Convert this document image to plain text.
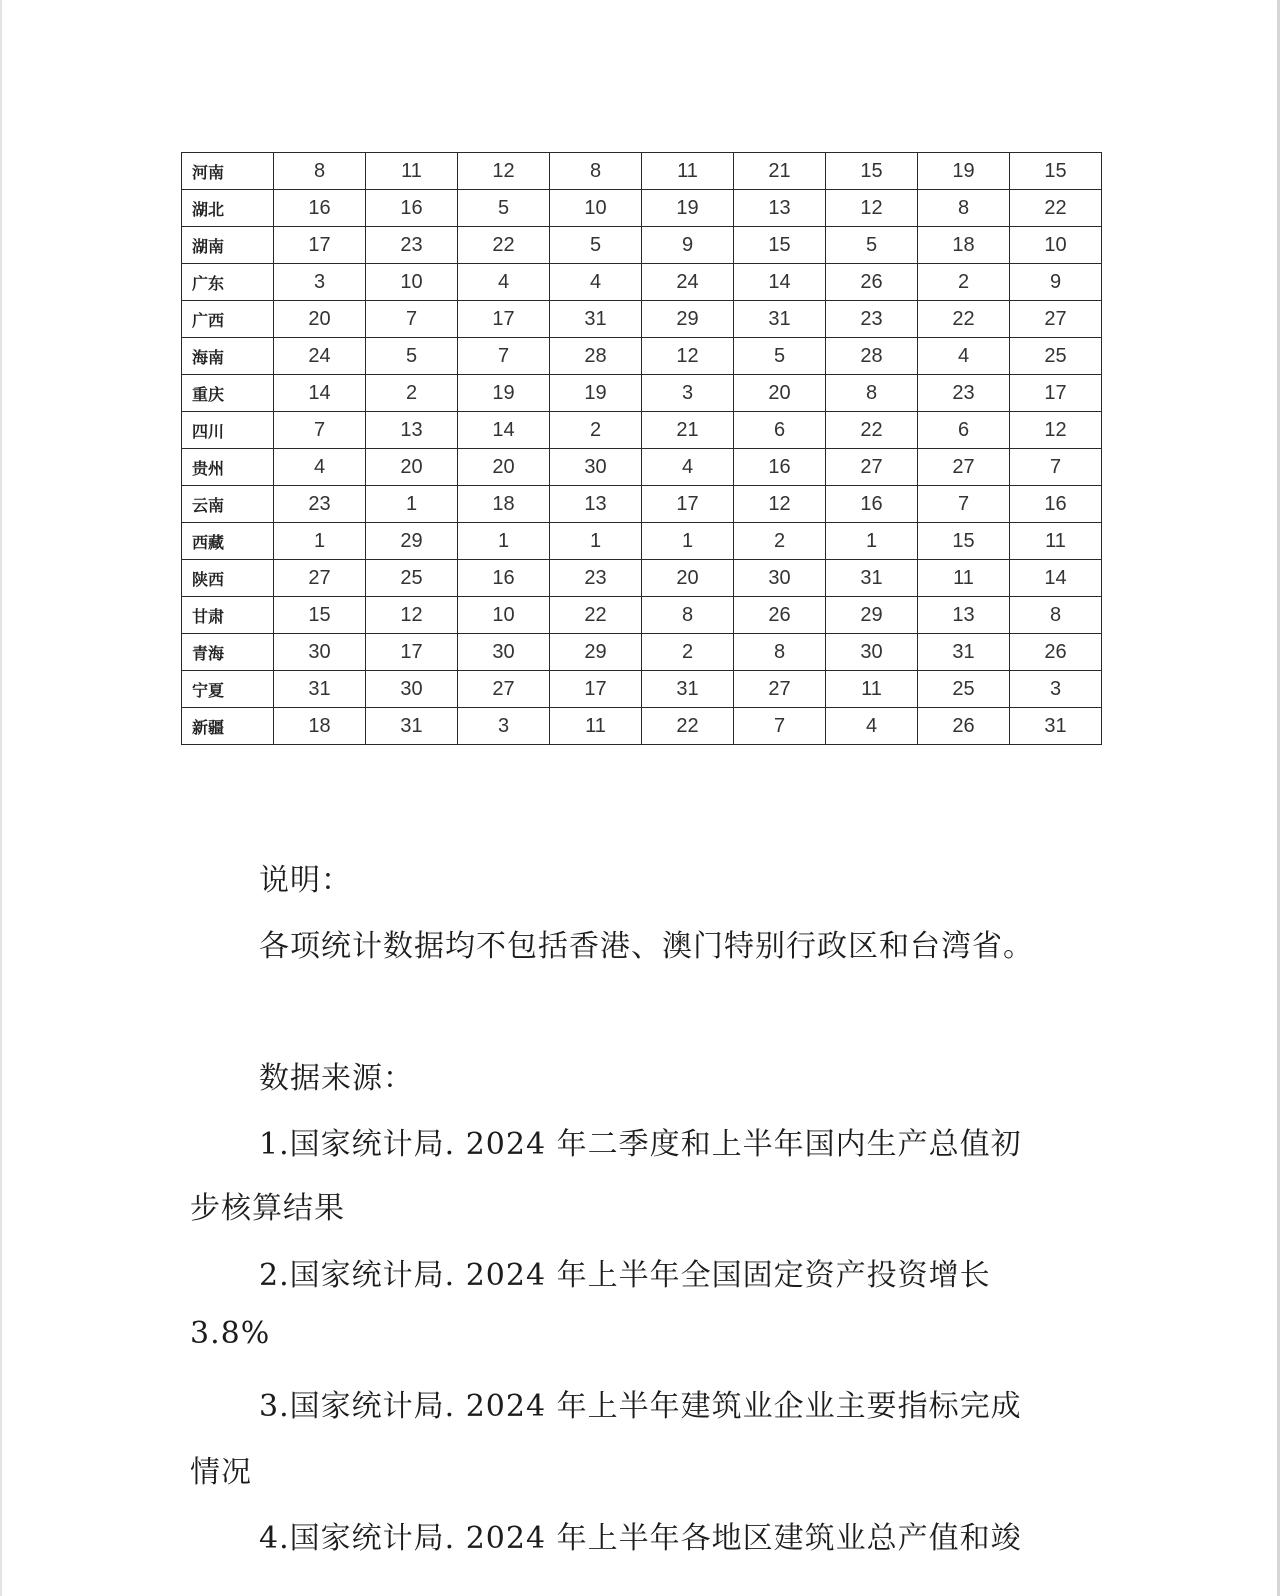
河南	8	11	12	8	11	21	15	19	15
湖北	16	16	5	10	19	13	12	8	22
湖南	17	23	22	5	9	15	5	18	10
广东	3	10	4	4	24	14	26	2	9
广西	20	7	17	31	29	31	23	22	27
海南	24	5	7	28	12	5	28	4	25
重庆	14	2	19	19	3	20	8	23	17
四川	7	13	14	2	21	6	22	6	12
贵州	4	20	20	30	4	16	27	27	7
云南	23	1	18	13	17	12	16	7	16
西藏	1	29	1	1	1	2	1	15	11
陕西	27	25	16	23	20	30	31	11	14
甘肃	15	12	10	22	8	26	29	13	8
青海	30	17	30	29	2	8	30	31	26
宁夏	31	30	27	17	31	27	11	25	3
新疆	18	31	3	11	22	7	4	26	31
说明：
各项统计数据均不包括香港、澳门特别行政区和台湾省。
数据来源：
1.国家统计局. 2024 年二季度和上半年国内生产总值初
步核算结果
2.国家统计局. 2024 年上半年全国固定资产投资增长
3.8%
3.国家统计局. 2024 年上半年建筑业企业主要指标完成
情况
4.国家统计局. 2024 年上半年各地区建筑业总产值和竣
